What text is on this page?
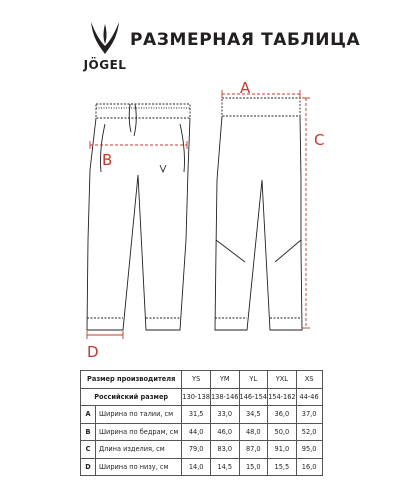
JÖGEL
РАЗМЕРНАЯ ТАБЛИЦА
A
B
C
D
Размер производителя		YS	YM	YL	YXL	XS
Российский размер		130-138	138-146	146-154	154-162	44-46
A	Ширина по талии, см	31,5	33,0	34,5	36,0	37,0
B	Ширина по бедрам, см	44,0	46,0	48,0	50,0	52,0
C	Длина изделия, см	79,0	83,0	87,0	91,0	95,0
D	Ширина по низу, см	14,0	14,5	15,0	15,5	16,0
